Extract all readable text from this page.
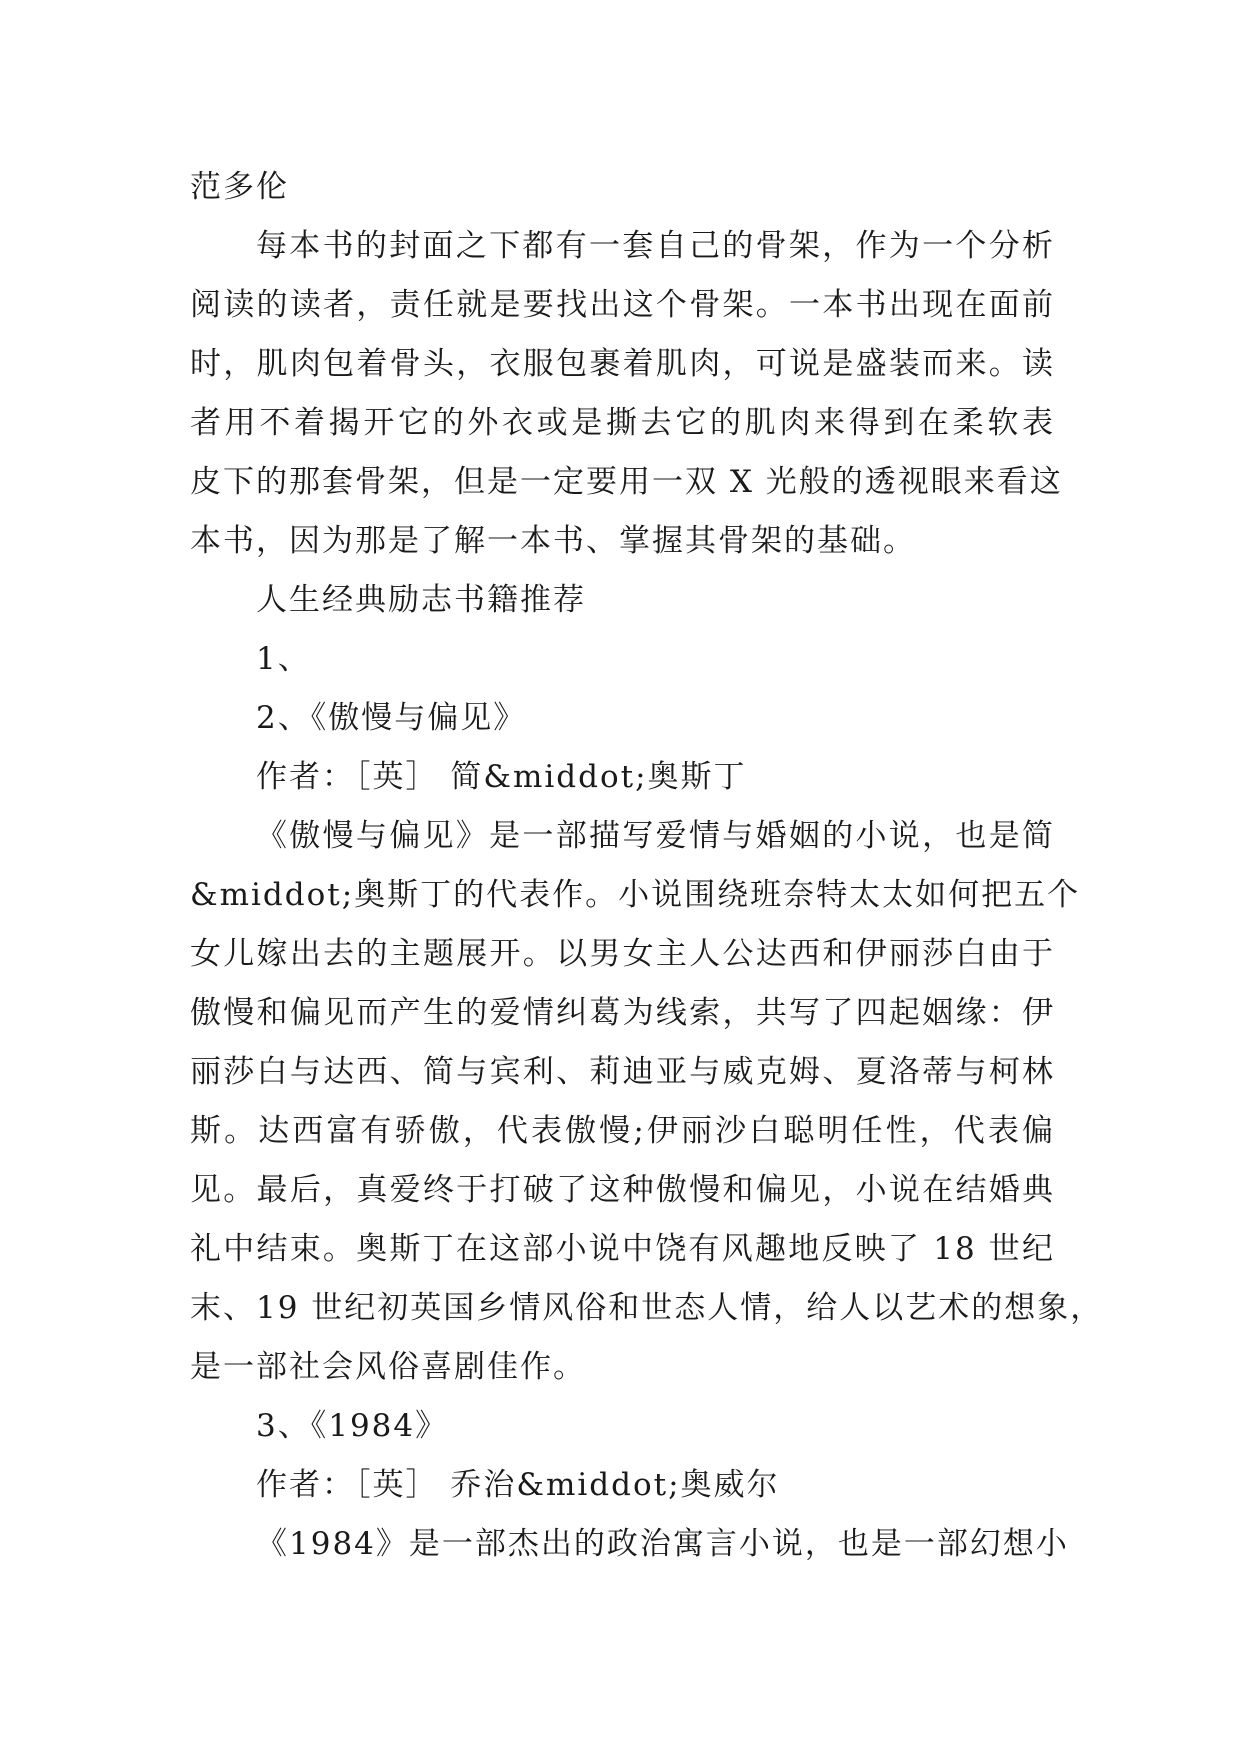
范多伦

每本书的封面之下都有一套自己的骨架，作为一个分析

阅读的读者，责任就是要找出这个骨架。一本书出现在面前

时，肌肉包着骨头，衣服包裹着肌肉，可说是盛装而来。读

者用不着揭开它的外衣或是撕去它的肌肉来得到在柔软表

皮下的那套骨架，但是一定要用一双 X 光般的透视眼来看这

本书，因为那是了解一本书、掌握其骨架的基础。

人生经典励志书籍推荐

1、

2、《傲慢与偏见》

作者：［英］ 简&middot;奥斯丁

《傲慢与偏见》是一部描写爱情与婚姻的小说，也是简

&middot;奥斯丁的代表作。小说围绕班奈特太太如何把五个

女儿嫁出去的主题展开。以男女主人公达西和伊丽莎白由于

傲慢和偏见而产生的爱情纠葛为线索，共写了四起姻缘：伊

丽莎白与达西、简与宾利、莉迪亚与威克姆、夏洛蒂与柯林

斯。达西富有骄傲，代表傲慢;伊丽沙白聪明任性，代表偏

见。最后，真爱终于打破了这种傲慢和偏见，小说在结婚典

礼中结束。奥斯丁在这部小说中饶有风趣地反映了 18 世纪

末、19 世纪初英国乡情风俗和世态人情，给人以艺术的想象，

是一部社会风俗喜剧佳作。

3、《1984》

作者：［英］ 乔治&middot;奥威尔

《1984》是一部杰出的政治寓言小说，也是一部幻想小
